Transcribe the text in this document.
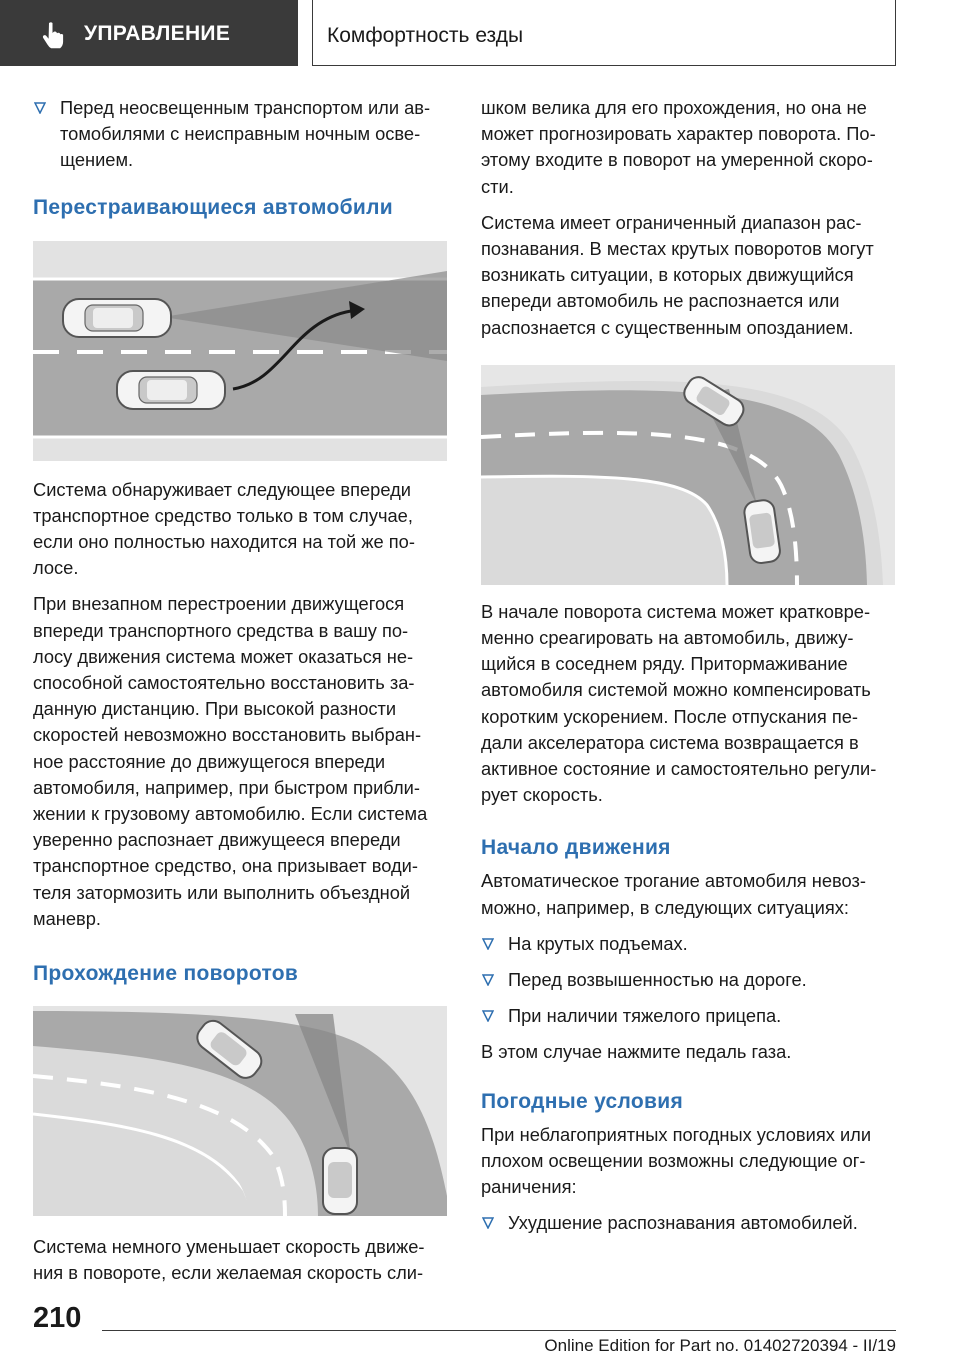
УПРАВЛЕНИЕ	Комфортность езды
Перед неосвещенным транспортом или ав-
томобилями с неисправным ночным осве-
щением.
Перестраивающиеся автомобили
Система обнаруживает следующее впереди
транспортное средство только в том случае,
если оно полностью находится на той же по-
лосе.
При внезапном перестроении движущегося
впереди транспортного средства в вашу по-
лосу движения система может оказаться не-
способной самостоятельно восстановить за-
данную дистанцию. При высокой разности
скоростей невозможно восстановить выбран-
ное расстояние до движущегося впереди
автомобиля, например, при быстром прибли-
жении к грузовому автомобилю. Если система
уверенно распознает движущееся впереди
транспортное средство, она призывает води-
теля затормозить или выполнить объездной
маневр.
Прохождение поворотов
Система немного уменьшает скорость движе-
ния в повороте, если желаемая скорость сли-
шком велика для его прохождения, но она не
может прогнозировать характер поворота. По-
этому входите в поворот на умеренной скоро-
сти.
Система имеет ограниченный диапазон рас-
познавания. В местах крутых поворотов могут
возникать ситуации, в которых движущийся
впереди автомобиль не распознается или
распознается с существенным опозданием.
В начале поворота система может кратковре-
менно среагировать на автомобиль, движу-
щийся в соседнем ряду. Притормаживание
автомобиля системой можно компенсировать
коротким ускорением. После отпускания пе-
дали акселератора система возвращается в
активное состояние и самостоятельно регули-
рует скорость.
Начало движения
Автоматическое трогание автомобиля невоз-
можно, например, в следующих ситуациях:
На крутых подъемах.
Перед возвышенностью на дороге.
При наличии тяжелого прицепа.
В этом случае нажмите педаль газа.
Погодные условия
При неблагоприятных погодных условиях или
плохом освещении возможны следующие ог-
раничения:
Ухудшение распознавания автомобилей.
210
Online Edition for Part no. 01402720394 - II/19
